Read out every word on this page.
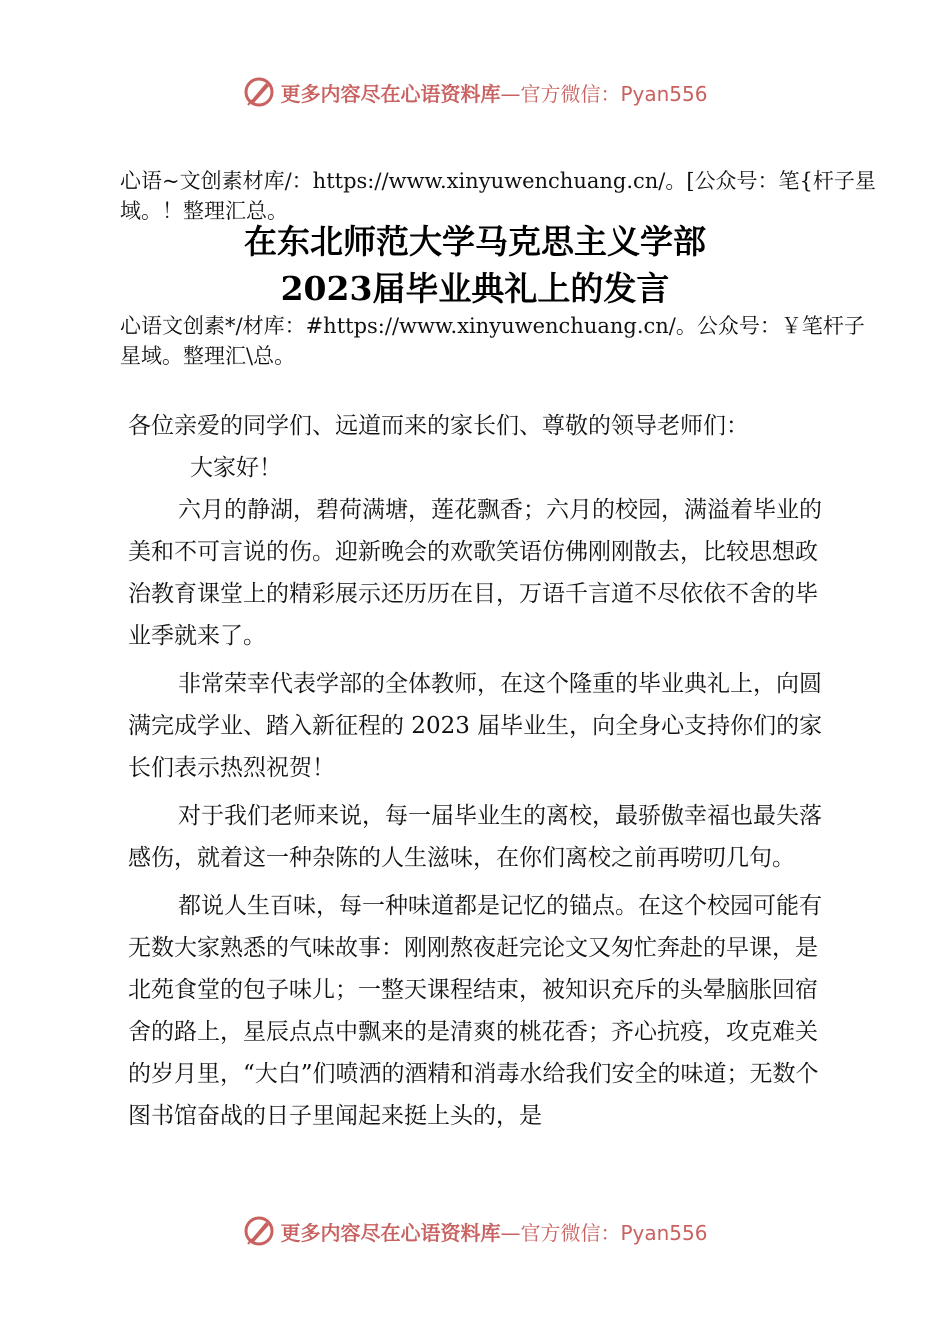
更多内容尽在心语资料库 —官方微信：Pyan556
心语~文创素材库/：https://www.xinyuwenchuang.cn/。[公众号：笔{杆子星域。！整理汇总。
在东北师范大学马克思主义学部
2023届毕业典礼上的发言
心语文创素*/材库：#https://www.xinyuwenchuang.cn/。公众号：￥笔杆子星域。整理汇\总。

各位亲爱的同学们、远道而来的家长们、尊敬的领导老师们：

大家好！

六月的静湖，碧荷满塘，莲花飘香；六月的校园，满溢着毕业的美和不可言说的伤。迎新晚会的欢歌笑语仿佛刚刚散去，比较思想政治教育课堂上的精彩展示还历历在目，万语千言道不尽依依不舍的毕业季就来了。

非常荣幸代表学部的全体教师，在这个隆重的毕业典礼上，向圆满完成学业、踏入新征程的 2023 届毕业生，向全身心支持你们的家长们表示热烈祝贺！

对于我们老师来说，每一届毕业生的离校，最骄傲幸福也最失落感伤，就着这一种杂陈的人生滋味，在你们离校之前再唠叨几句。

都说人生百味，每一种味道都是记忆的锚点。在这个校园可能有无数大家熟悉的气味故事：刚刚熬夜赶完论文又匆忙奔赴的早课，是北苑食堂的包子味儿；一整天课程结束，被知识充斥的头晕脑胀回宿舍的路上，星辰点点中飘来的是清爽的桃花香；齐心抗疫，攻克难关的岁月里，“大白”们喷洒的酒精和消毒水给我们安全的味道；无数个图书馆奋战的日子里闻起来挺上头的，是

更多内容尽在心语资料库 —官方微信：Pyan556
